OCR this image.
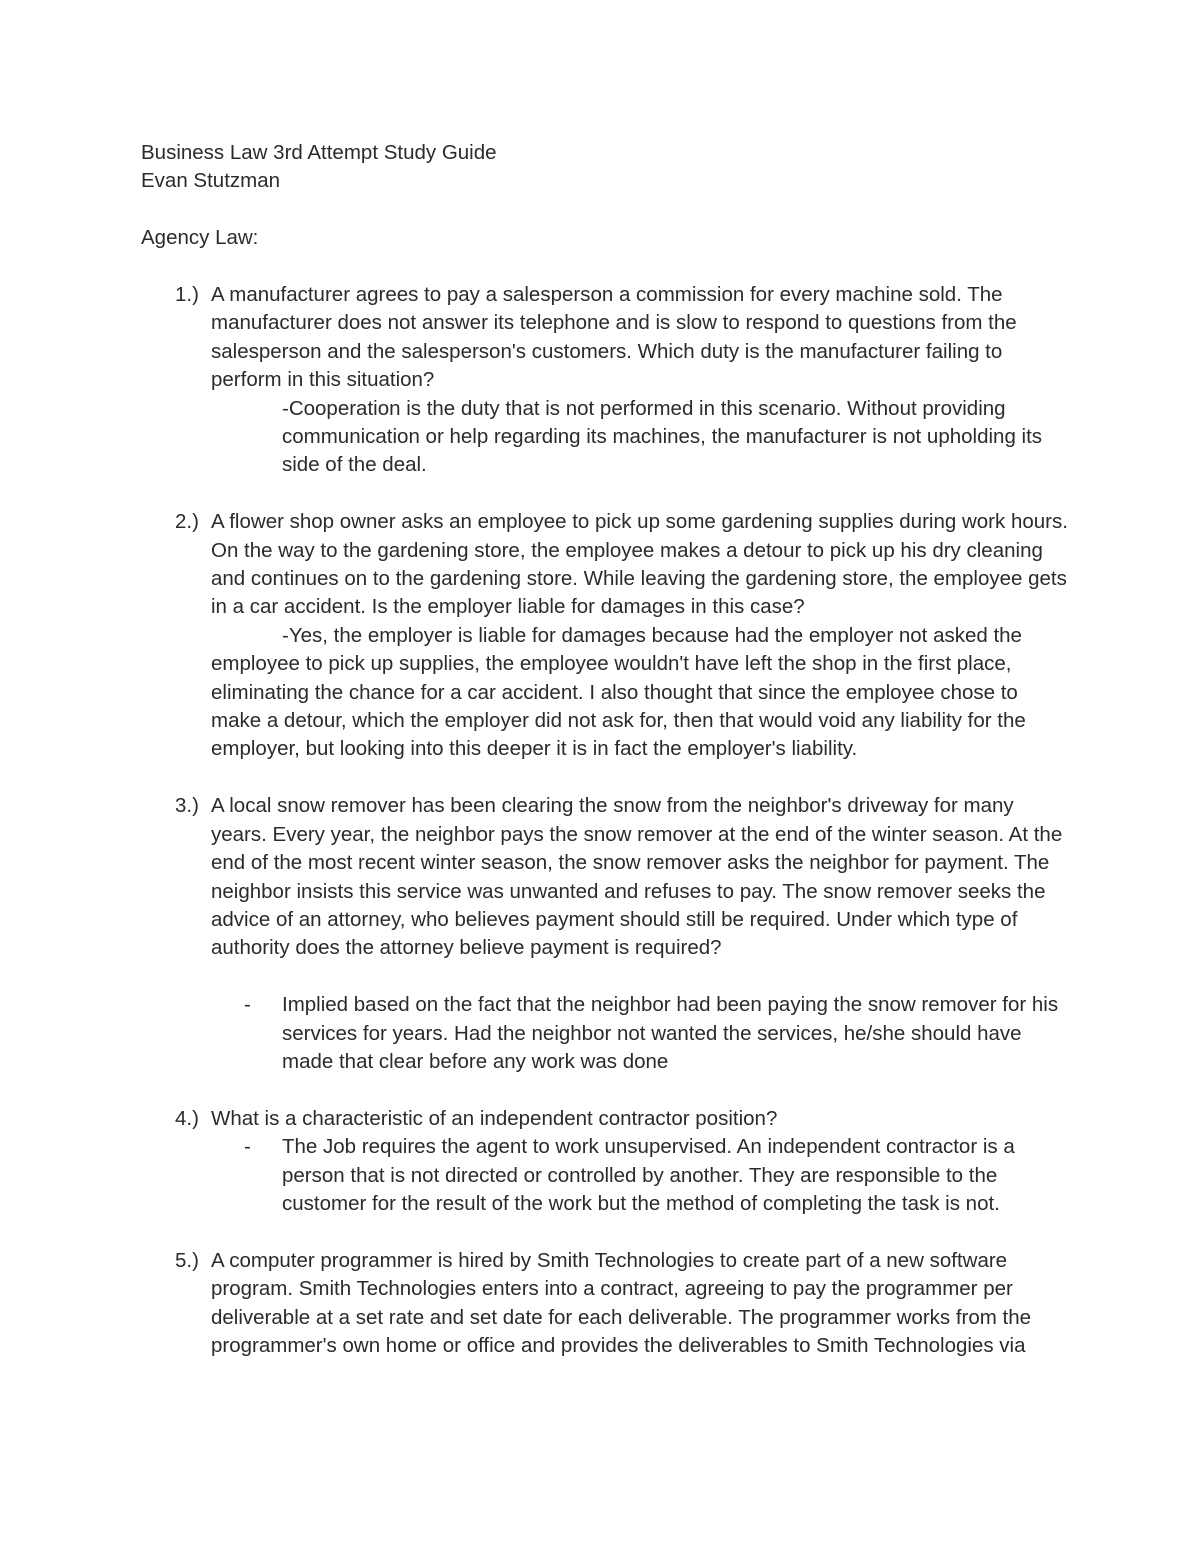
Business Law 3rd Attempt Study Guide

Evan Stutzman

Agency Law:

1.) A manufacturer agrees to pay a salesperson a commission for every machine sold. The manufacturer does not answer its telephone and is slow to respond to questions from the salesperson and the salesperson's customers. Which duty is the manufacturer failing to perform in this situation?

-Cooperation is the duty that is not performed in this scenario. Without providing communication or help regarding its machines, the manufacturer is not upholding its side of the deal.

2.) A flower shop owner asks an employee to pick up some gardening supplies during work hours. On the way to the gardening store, the employee makes a detour to pick up his dry cleaning and continues on to the gardening store. While leaving the gardening store, the employee gets in a car accident. Is the employer liable for damages in this case?

-Yes, the employer is liable for damages because had the employer not asked the employee to pick up supplies, the employee wouldn't have left the shop in the first place, eliminating the chance for a car accident. I also thought that since the employee chose to make a detour, which the employer did not ask for, then that would void any liability for the employer, but looking into this deeper it is in fact the employer's liability.

3.) A local snow remover has been clearing the snow from the neighbor's driveway for many years. Every year, the neighbor pays the snow remover at the end of the winter season. At the end of the most recent winter season, the snow remover asks the neighbor for payment. The neighbor insists this service was unwanted and refuses to pay. The snow remover seeks the advice of an attorney, who believes payment should still be required. Under which type of authority does the attorney believe payment is required?

- Implied based on the fact that the neighbor had been paying the snow remover for his services for years. Had the neighbor not wanted the services, he/she should have made that clear before any work was done

4.) What is a characteristic of an independent contractor position?

- The Job requires the agent to work unsupervised. An independent contractor is a person that is not directed or controlled by another. They are responsible to the customer for the result of the work but the method of completing the task is not.

5.) A computer programmer is hired by Smith Technologies to create part of a new software program. Smith Technologies enters into a contract, agreeing to pay the programmer per deliverable at a set rate and set date for each deliverable. The programmer works from the programmer's own home or office and provides the deliverables to Smith Technologies via
